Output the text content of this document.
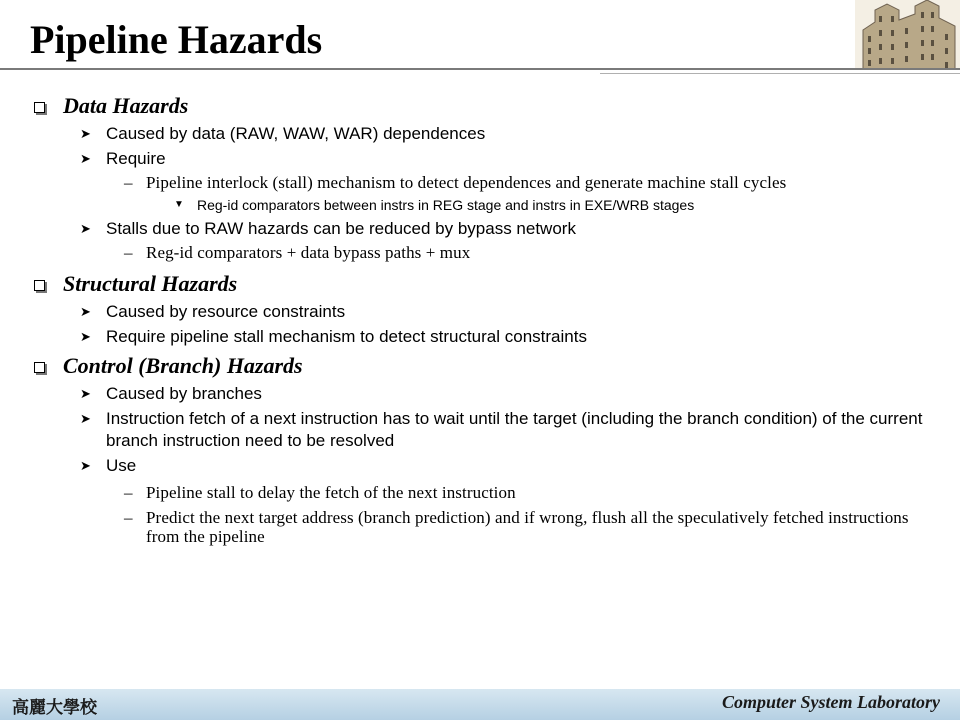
Pipeline Hazards
Data Hazards
➤ Caused by data (RAW, WAW, WAR) dependences
➤ Require
– Pipeline interlock (stall) mechanism to detect dependences and generate machine stall cycles
▼ Reg-id comparators between instrs in REG stage and instrs in EXE/WRB stages
➤ Stalls due to RAW hazards can be reduced by bypass network
– Reg-id comparators + data bypass paths + mux
Structural Hazards
➤ Caused by resource constraints
➤ Require pipeline stall mechanism to detect structural constraints
Control (Branch) Hazards
➤ Caused by branches
➤ Instruction fetch of a next instruction has to wait until the target (including the branch condition) of the current branch instruction need to be resolved
➤ Use
– Pipeline stall to delay the fetch of the next instruction
– Predict the next target address (branch prediction) and if wrong, flush all the speculatively fetched instructions from the pipeline
高麗大學校	Computer System Laboratory
